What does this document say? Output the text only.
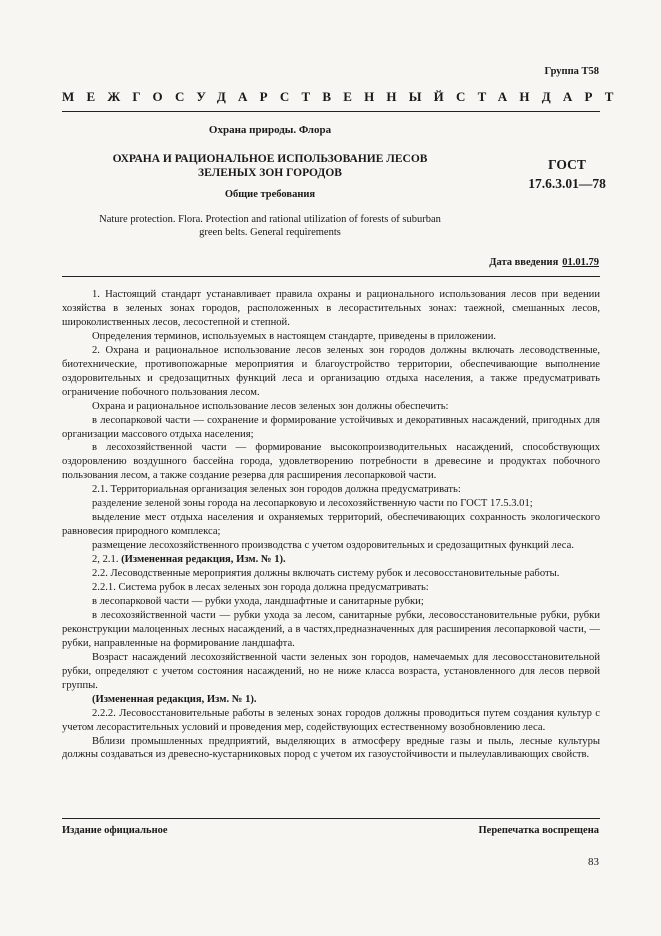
Группа Т58
МЕЖГОСУДАРСТВЕННЫЙ СТАНДАРТ
Охрана природы. Флора
ОХРАНА И РАЦИОНАЛЬНОЕ ИСПОЛЬЗОВАНИЕ ЛЕСОВ ЗЕЛЕНЫХ ЗОН ГОРОДОВ
Общие требования
Nature protection. Flora. Protection and rational utilization of forests of suburban green belts. General requirements
ГОСТ
17.6.3.01—78
Дата введения 01.01.79

1. Настоящий стандарт устанавливает правила охраны и рационального использования лесов при ведении хозяйства в зеленых зонах городов, расположенных в лесорастительных зонах: таежной, смешанных лесов, широколиственных лесов, лесостепной и степной.

Определения терминов, используемых в настоящем стандарте, приведены в приложении.

2. Охрана и рациональное использование лесов зеленых зон городов должны включать лесоводственные, биотехнические, противопожарные мероприятия и благоустройство территории, обеспечивающие выполнение оздоровительных и средозащитных функций леса и организацию отдыха населения, а также предусматривать ограничение побочного пользования лесом.

Охрана и рациональное использование лесов зеленых зон должны обеспечить:

в лесопарковой части — сохранение и формирование устойчивых и декоративных насаждений, пригодных для организации массового отдыха населения;

в лесохозяйственной части — формирование высокопроизводительных насаждений, способствующих оздоровлению воздушного бассейна города, удовлетворению потребности в древесине и продуктах побочного пользования лесом, а также создание резерва для расширения лесопарковой части.

2.1. Территориальная организация зеленых зон городов должна предусматривать:

разделение зеленой зоны города на лесопарковую и лесохозяйственную части по ГОСТ 17.5.3.01;

выделение мест отдыха населения и охраняемых территорий, обеспечивающих сохранность экологического равновесия природного комплекса;

размещение лесохозяйственного производства с учетом оздоровительных и средозащитных функций леса.

2, 2.1. (Измененная редакция, Изм. № 1).

2.2. Лесоводственные мероприятия должны включать систему рубок и лесовосстановительные работы.

2.2.1. Система рубок в лесах зеленых зон города должна предусматривать:

в лесопарковой части — рубки ухода, ландшафтные и санитарные рубки;

в лесохозяйственной части — рубки ухода за лесом, санитарные рубки, лесовосстановительные рубки, рубки реконструкции малоценных лесных насаждений, а в частях,предназначенных для расширения лесопарковой части, — рубки, направленные на формирование ландшафта.

Возраст насаждений лесохозяйственной части зеленых зон городов, намечаемых для лесовосстановительной рубки, определяют с учетом состояния насаждений, но не ниже класса возраста, установленного для лесов первой группы.

(Измененная редакция, Изм. № 1).

2.2.2. Лесовосстановительные работы в зеленых зонах городов должны проводиться путем создания культур с учетом лесорастительных условий и проведения мер, содействующих естественному возобновлению леса.

Вблизи промышленных предприятий, выделяющих в атмосферу вредные газы и пыль, лесные культуры должны создаваться из древесно-кустарниковых пород с учетом их газоустойчивости и пылеулавливающих свойств.

Издание официальное	Перепечатка воспрещена
83
